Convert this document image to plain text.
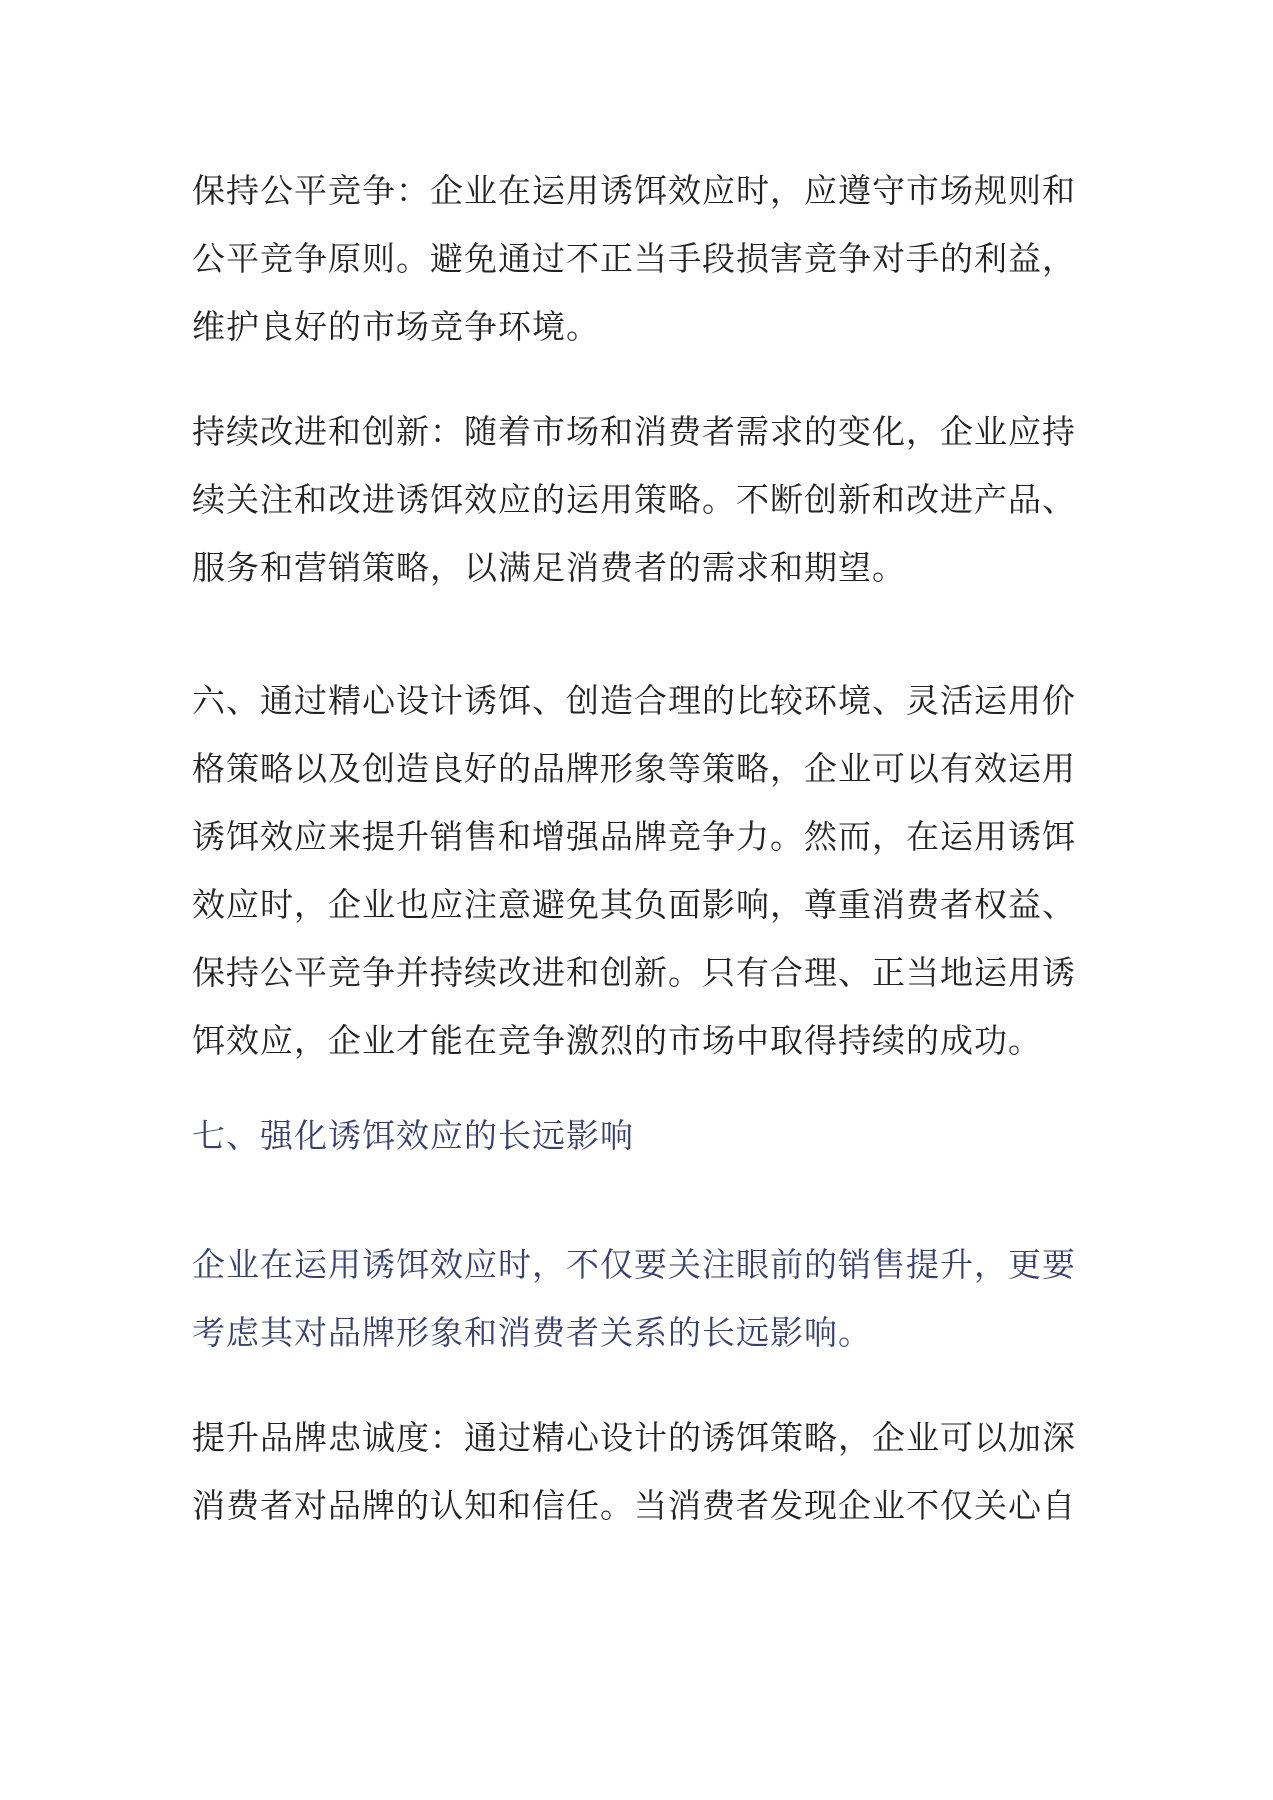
保持公平竞争：企业在运用诱饵效应时，应遵守市场规则和
公平竞争原则。避免通过不正当手段损害竞争对手的利益，
维护良好的市场竞争环境。
持续改进和创新：随着市场和消费者需求的变化，企业应持
续关注和改进诱饵效应的运用策略。不断创新和改进产品、
服务和营销策略，以满足消费者的需求和期望。
六、通过精心设计诱饵、创造合理的比较环境、灵活运用价
格策略以及创造良好的品牌形象等策略，企业可以有效运用
诱饵效应来提升销售和增强品牌竞争力。然而，在运用诱饵
效应时，企业也应注意避免其负面影响，尊重消费者权益、
保持公平竞争并持续改进和创新。只有合理、正当地运用诱
饵效应，企业才能在竞争激烈的市场中取得持续的成功。
七、强化诱饵效应的长远影响
企业在运用诱饵效应时，不仅要关注眼前的销售提升，更要
考虑其对品牌形象和消费者关系的长远影响。
提升品牌忠诚度：通过精心设计的诱饵策略，企业可以加深
消费者对品牌的认知和信任。当消费者发现企业不仅关心自
